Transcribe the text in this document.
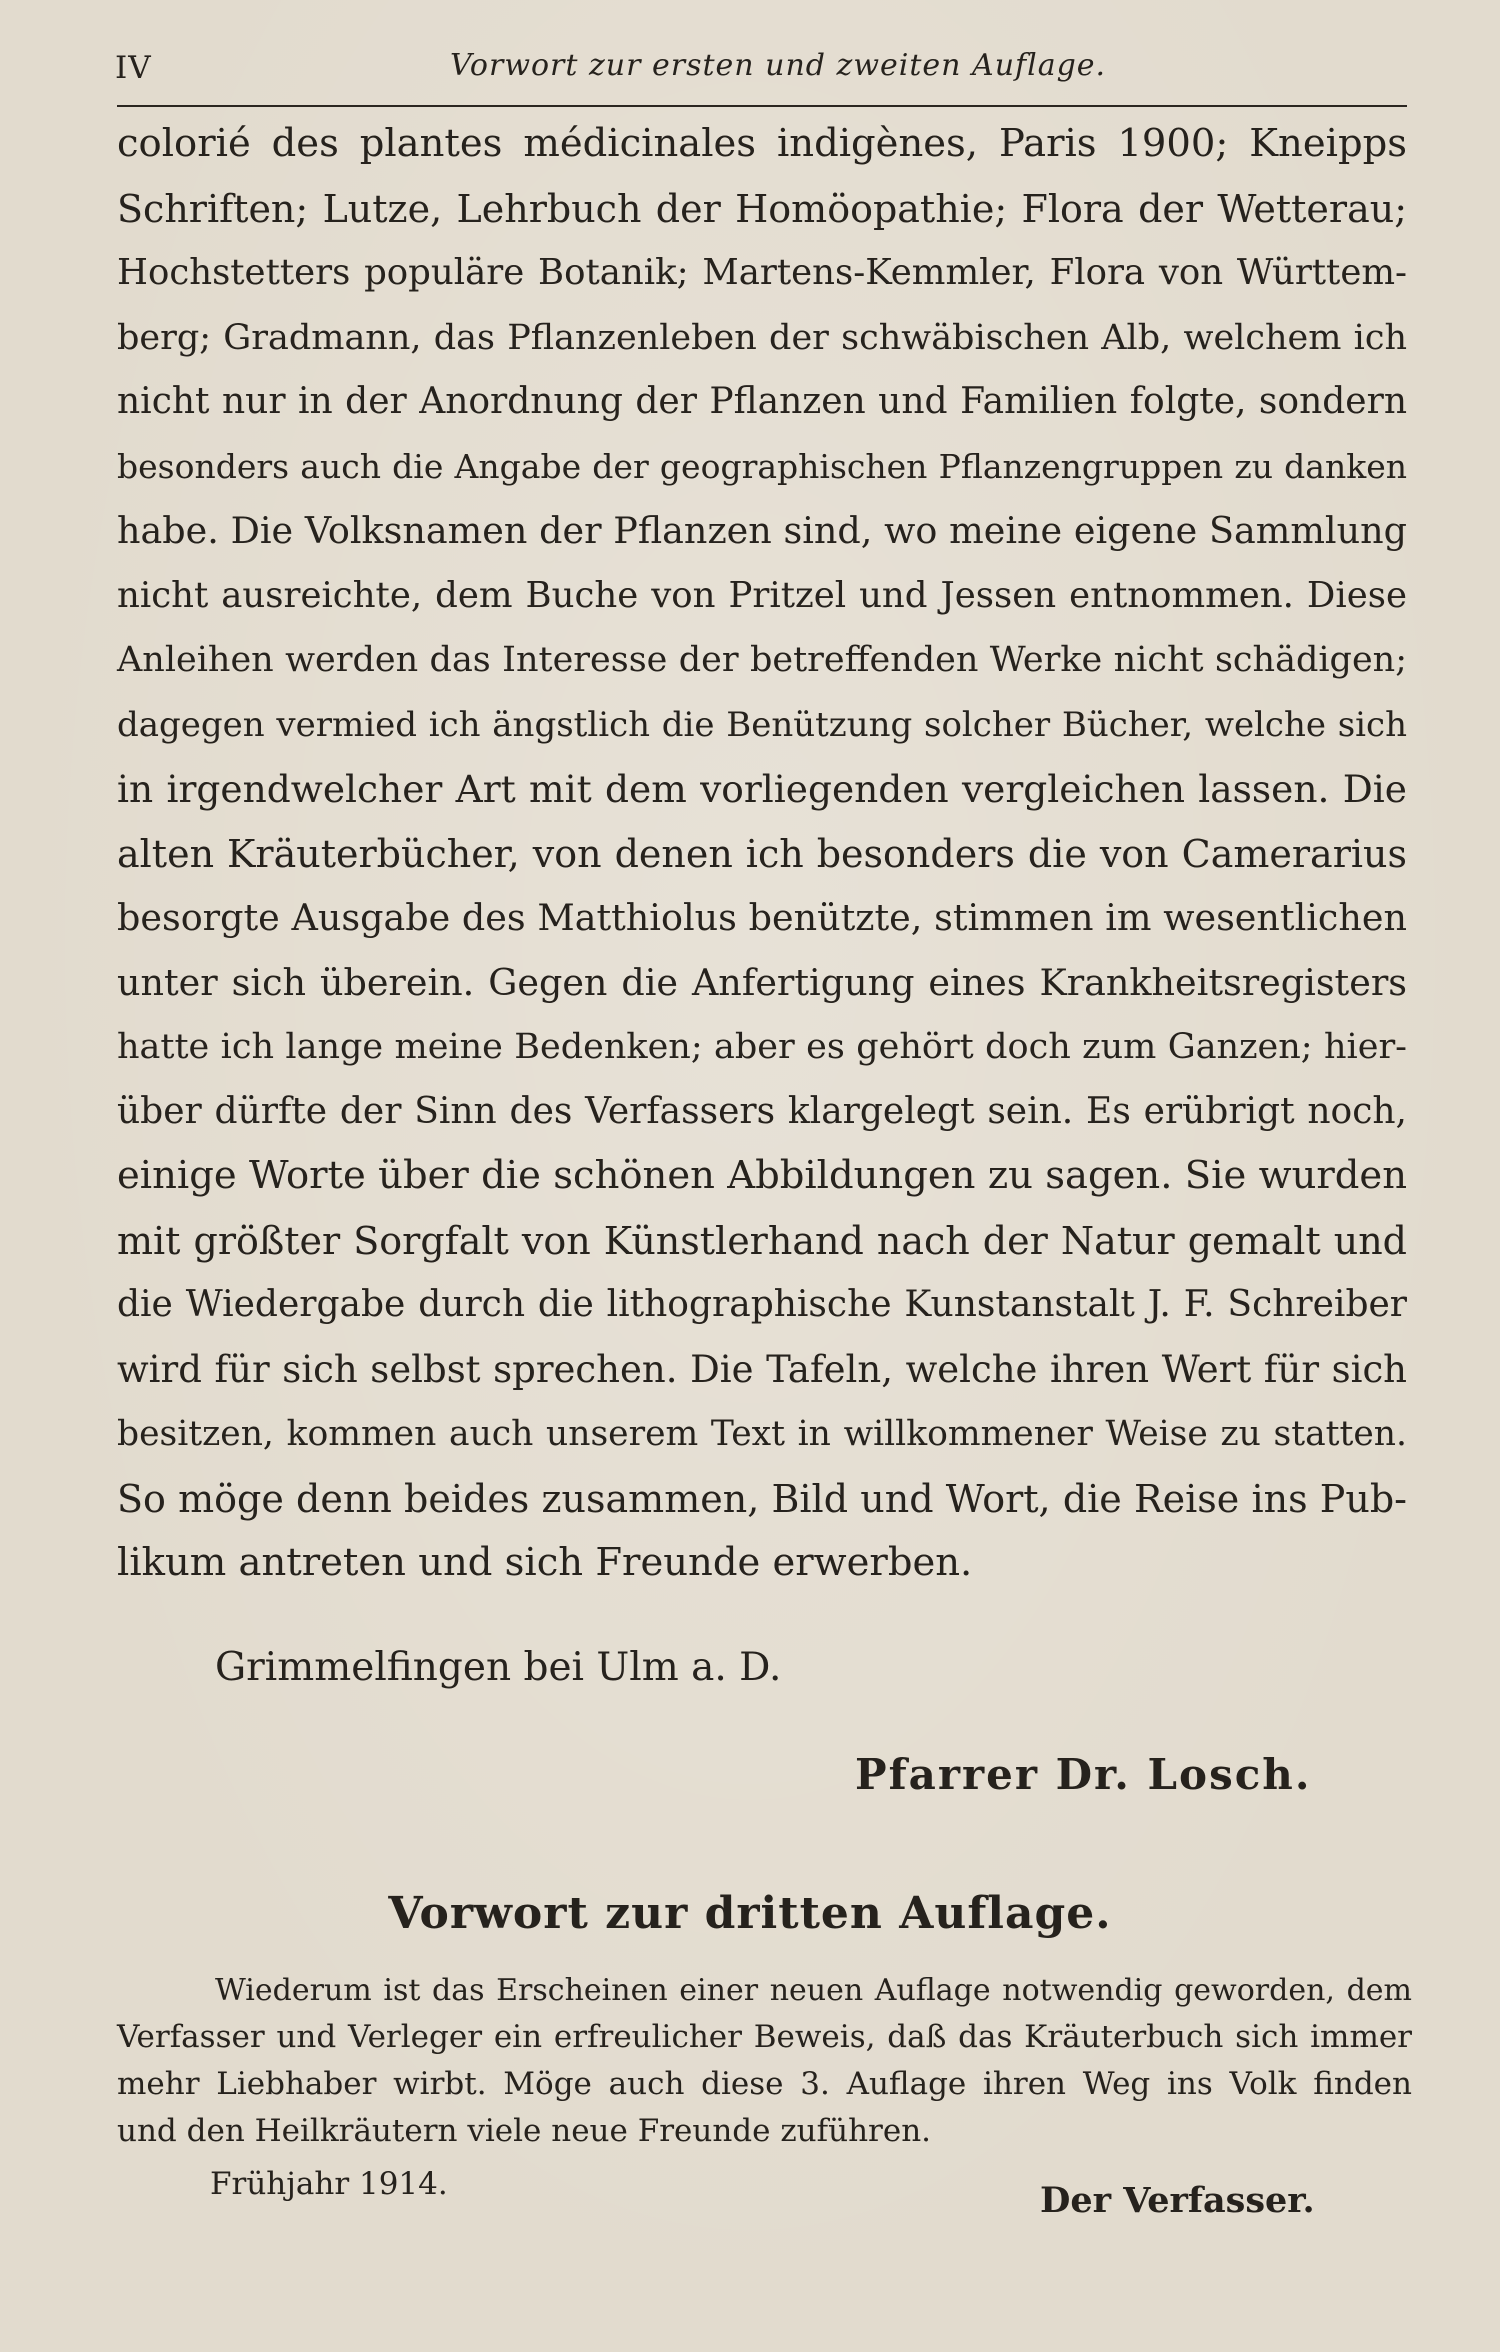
IV	Vorwort zur ersten und zweiten Auflage.
colorié des plantes médicinales indigènes, Paris 1900; Kneipps
Schriften; Lutze, Lehrbuch der Homöopathie; Flora der Wetterau;
Hochstetters populäre Botanik; Martens-Kemmler, Flora von Württem-
berg; Gradmann, das Pflanzenleben der schwäbischen Alb, welchem ich
nicht nur in der Anordnung der Pflanzen und Familien folgte, sondern
besonders auch die Angabe der geographischen Pflanzengruppen zu danken
habe. Die Volksnamen der Pflanzen sind, wo meine eigene Sammlung
nicht ausreichte, dem Buche von Pritzel und Jessen entnommen. Diese
Anleihen werden das Interesse der betreffenden Werke nicht schädigen;
dagegen vermied ich ängstlich die Benützung solcher Bücher, welche sich
in irgendwelcher Art mit dem vorliegenden vergleichen lassen. Die
alten Kräuterbücher, von denen ich besonders die von Camerarius
besorgte Ausgabe des Matthiolus benützte, stimmen im wesentlichen
unter sich überein. Gegen die Anfertigung eines Krankheitsregisters
hatte ich lange meine Bedenken; aber es gehört doch zum Ganzen; hier-
über dürfte der Sinn des Verfassers klargelegt sein. Es erübrigt noch,
einige Worte über die schönen Abbildungen zu sagen. Sie wurden
mit größter Sorgfalt von Künstlerhand nach der Natur gemalt und
die Wiedergabe durch die lithographische Kunstanstalt J. F. Schreiber
wird für sich selbst sprechen. Die Tafeln, welche ihren Wert für sich
besitzen, kommen auch unserem Text in willkommener Weise zu statten.
So möge denn beides zusammen, Bild und Wort, die Reise ins Pub-
likum antreten und sich Freunde erwerben.
Grimmelfingen bei Ulm a. D.
Pfarrer Dr. Losch.
Vorwort zur dritten Auflage.
Wiederum ist das Erscheinen einer neuen Auflage notwendig geworden, dem
Verfasser und Verleger ein erfreulicher Beweis, daß das Kräuterbuch sich immer
mehr Liebhaber wirbt. Möge auch diese 3. Auflage ihren Weg ins Volk finden
und den Heilkräutern viele neue Freunde zuführen.
Frühjahr 1914.	Der Verfasser.
